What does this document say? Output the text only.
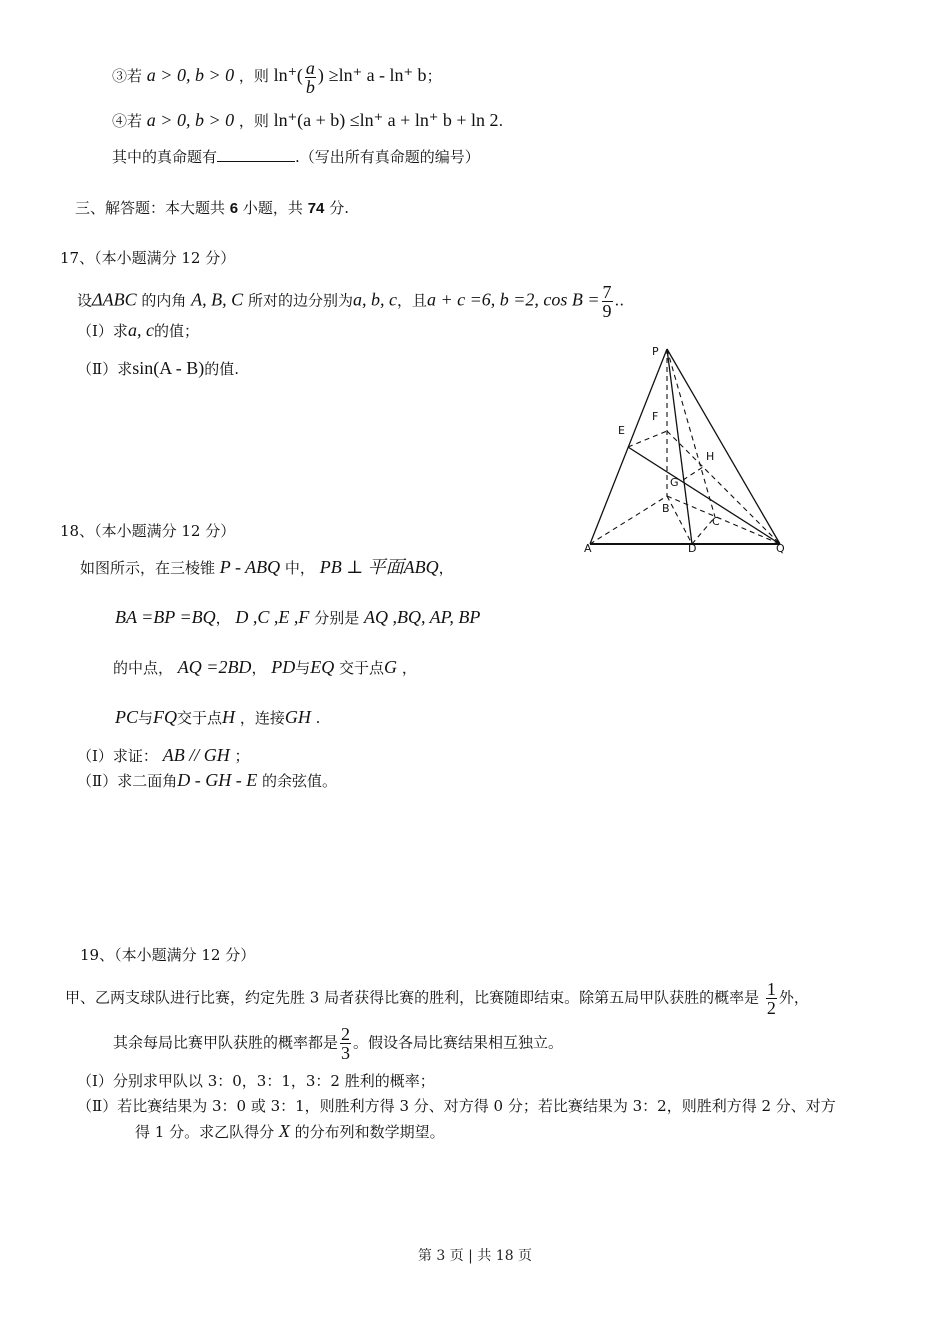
③若 a > 0, b > 0 ，则 $\ln^+( \frac{a}{b}$ ) ≥ln⁺ a - ln⁺ b；
④若 a > 0, b > 0 ，则 ln⁺(a + b) ≤ln⁺ a + ln⁺ b + ln 2.
其中的真命题有	.（写出所有真命题的编号）
三、解答题：本大题共 6 小题，共 74 分.
17、（本小题满分 12 分）
设ΔABC 的内角 A, B, C 所对的边分别为a, b, c，且a + c =6, b =2, $\cos B = \frac{7}{9}$ ..
（Ⅰ）求a, c的值；
（Ⅱ）求sin(A - B)的值.
P
E
F
H
G
B
C
A	D	Q
18、（本小题满分 12 分）
如图所示，在三棱锥 P - ABQ 中， PB ⊥ 平面ABQ，
BA =BP =BQ， D ,C ,E ,F 分别是 AQ ,BQ, AP, BP
的中点， AQ =2BD， PD与EQ 交于点G ，
PC与FQ交于点H ，连接GH .
（Ⅰ）求证： AB // GH ；
（Ⅱ）求二面角D - GH - E 的余弦值。
19、（本小题满分 12 分）
甲、乙两支球队进行比赛，约定先胜 3 局者获得比赛的胜利，比赛随即结束。除第五局甲队获胜的概率是 $\frac{1}{2}$ 外，
其余每局比赛甲队获胜的概率都是 $\frac{2}{3}$ 。假设各局比赛结果相互独立。
（Ⅰ）分别求甲队以 3：0，3：1，3：2 胜利的概率；
（Ⅱ）若比赛结果为 3：0 或 3：1，则胜利方得 3 分、对方得 0 分；若比赛结果为 3：2，则胜利方得 2 分、对方
得 1 分。求乙队得分 X 的分布列和数学期望。
第 3 页 | 共 18 页
